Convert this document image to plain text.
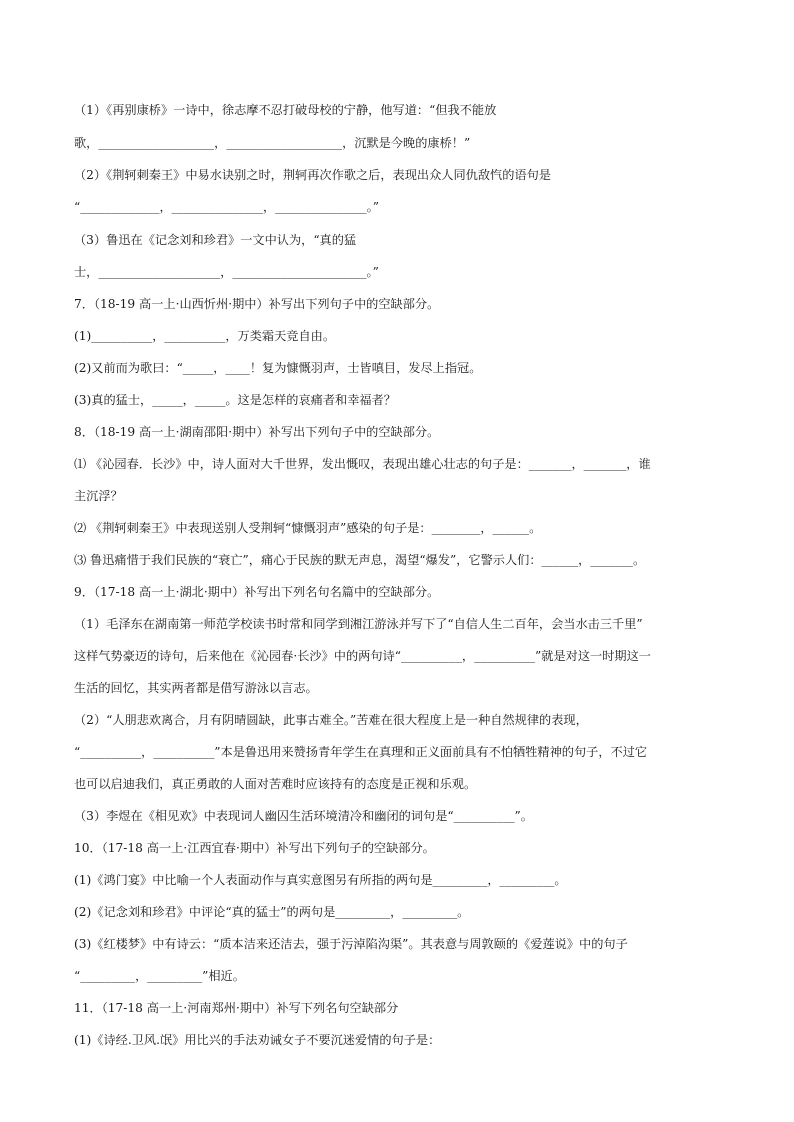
（1）《再别康桥》一诗中，徐志摩不忍打破母校的宁静，他写道：“但我不能放
歌，___________________，___________________，沉默是今晚的康桥！”
（2）《荆轲刺秦王》中易水诀别之时，荆轲再次作歌之后，表现出众人同仇敌忾的语句是
“_____________，_______________，_______________。”
（3）鲁迅在《记念刘和珍君》一文中认为，“真的猛
士，____________________，______________________。”
7．（18-19 高一上·山西忻州·期中）补写出下列句子中的空缺部分。
(1)__________，__________，万类霜天竞自由。
(2)又前而为歌曰：“_____，____！复为慷慨羽声，士皆嗔目，发尽上指冠。
(3)真的猛士，_____，_____。这是怎样的哀痛者和幸福者？
8．（18-19 高一上·湖南邵阳·期中）补写出下列句子中的空缺部分。
⑴ 《沁园春．长沙》中，诗人面对大千世界，发出慨叹，表现出雄心壮志的句子是：_______，_______，谁
主沉浮？
⑵ 《荆轲刺秦王》中表现送别人受荆轲“慷慨羽声”感染的句子是：________，______。
⑶ 鲁迅痛惜于我们民族的“衰亡”，痛心于民族的默无声息，渴望“爆发”，它警示人们：______，_______。
9．（17-18 高一上·湖北·期中）补写出下列名句名篇中的空缺部分。
（1）毛泽东在湖南第一师范学校读书时常和同学到湘江游泳并写下了“自信人生二百年，会当水击三千里”
这样气势豪迈的诗句，后来他在《沁园春·长沙》中的两句诗“__________，__________”就是对这一时期这一
生活的回忆，其实两者都是借写游泳以言志。
（2）“人朋悲欢离合，月有阴晴圆缺，此事古难全。”苦难在很大程度上是一种自然规律的表现，
“__________，__________”本是鲁迅用来赞扬青年学生在真理和正义面前具有不怕牺牲精神的句子，不过它
也可以启迪我们，真正勇敢的人面对苦难时应该持有的态度是正视和乐观。
（3）李煜在《相见欢》中表现词人幽囚生活环境清冷和幽闭的词句是“__________”。
10．（17-18 高一上·江西宜春·期中）补写出下列句子的空缺部分。
(1)《鸿门宴》中比喻一个人表面动作与真实意图另有所指的两句是_________，_________。
(2)《记念刘和珍君》中评论“真的猛士”的两句是_________，_________。
(3)《红楼梦》中有诗云：“质本洁来还洁去，强于污淖陷沟渠”。其表意与周敦颐的《爱莲说》中的句子
“_________，_________”相近。
11．（17-18 高一上·河南郑州·期中）补写下列名句空缺部分
(1)《诗经.卫风.氓》用比兴的手法劝诫女子不要沉迷爱情的句子是：
